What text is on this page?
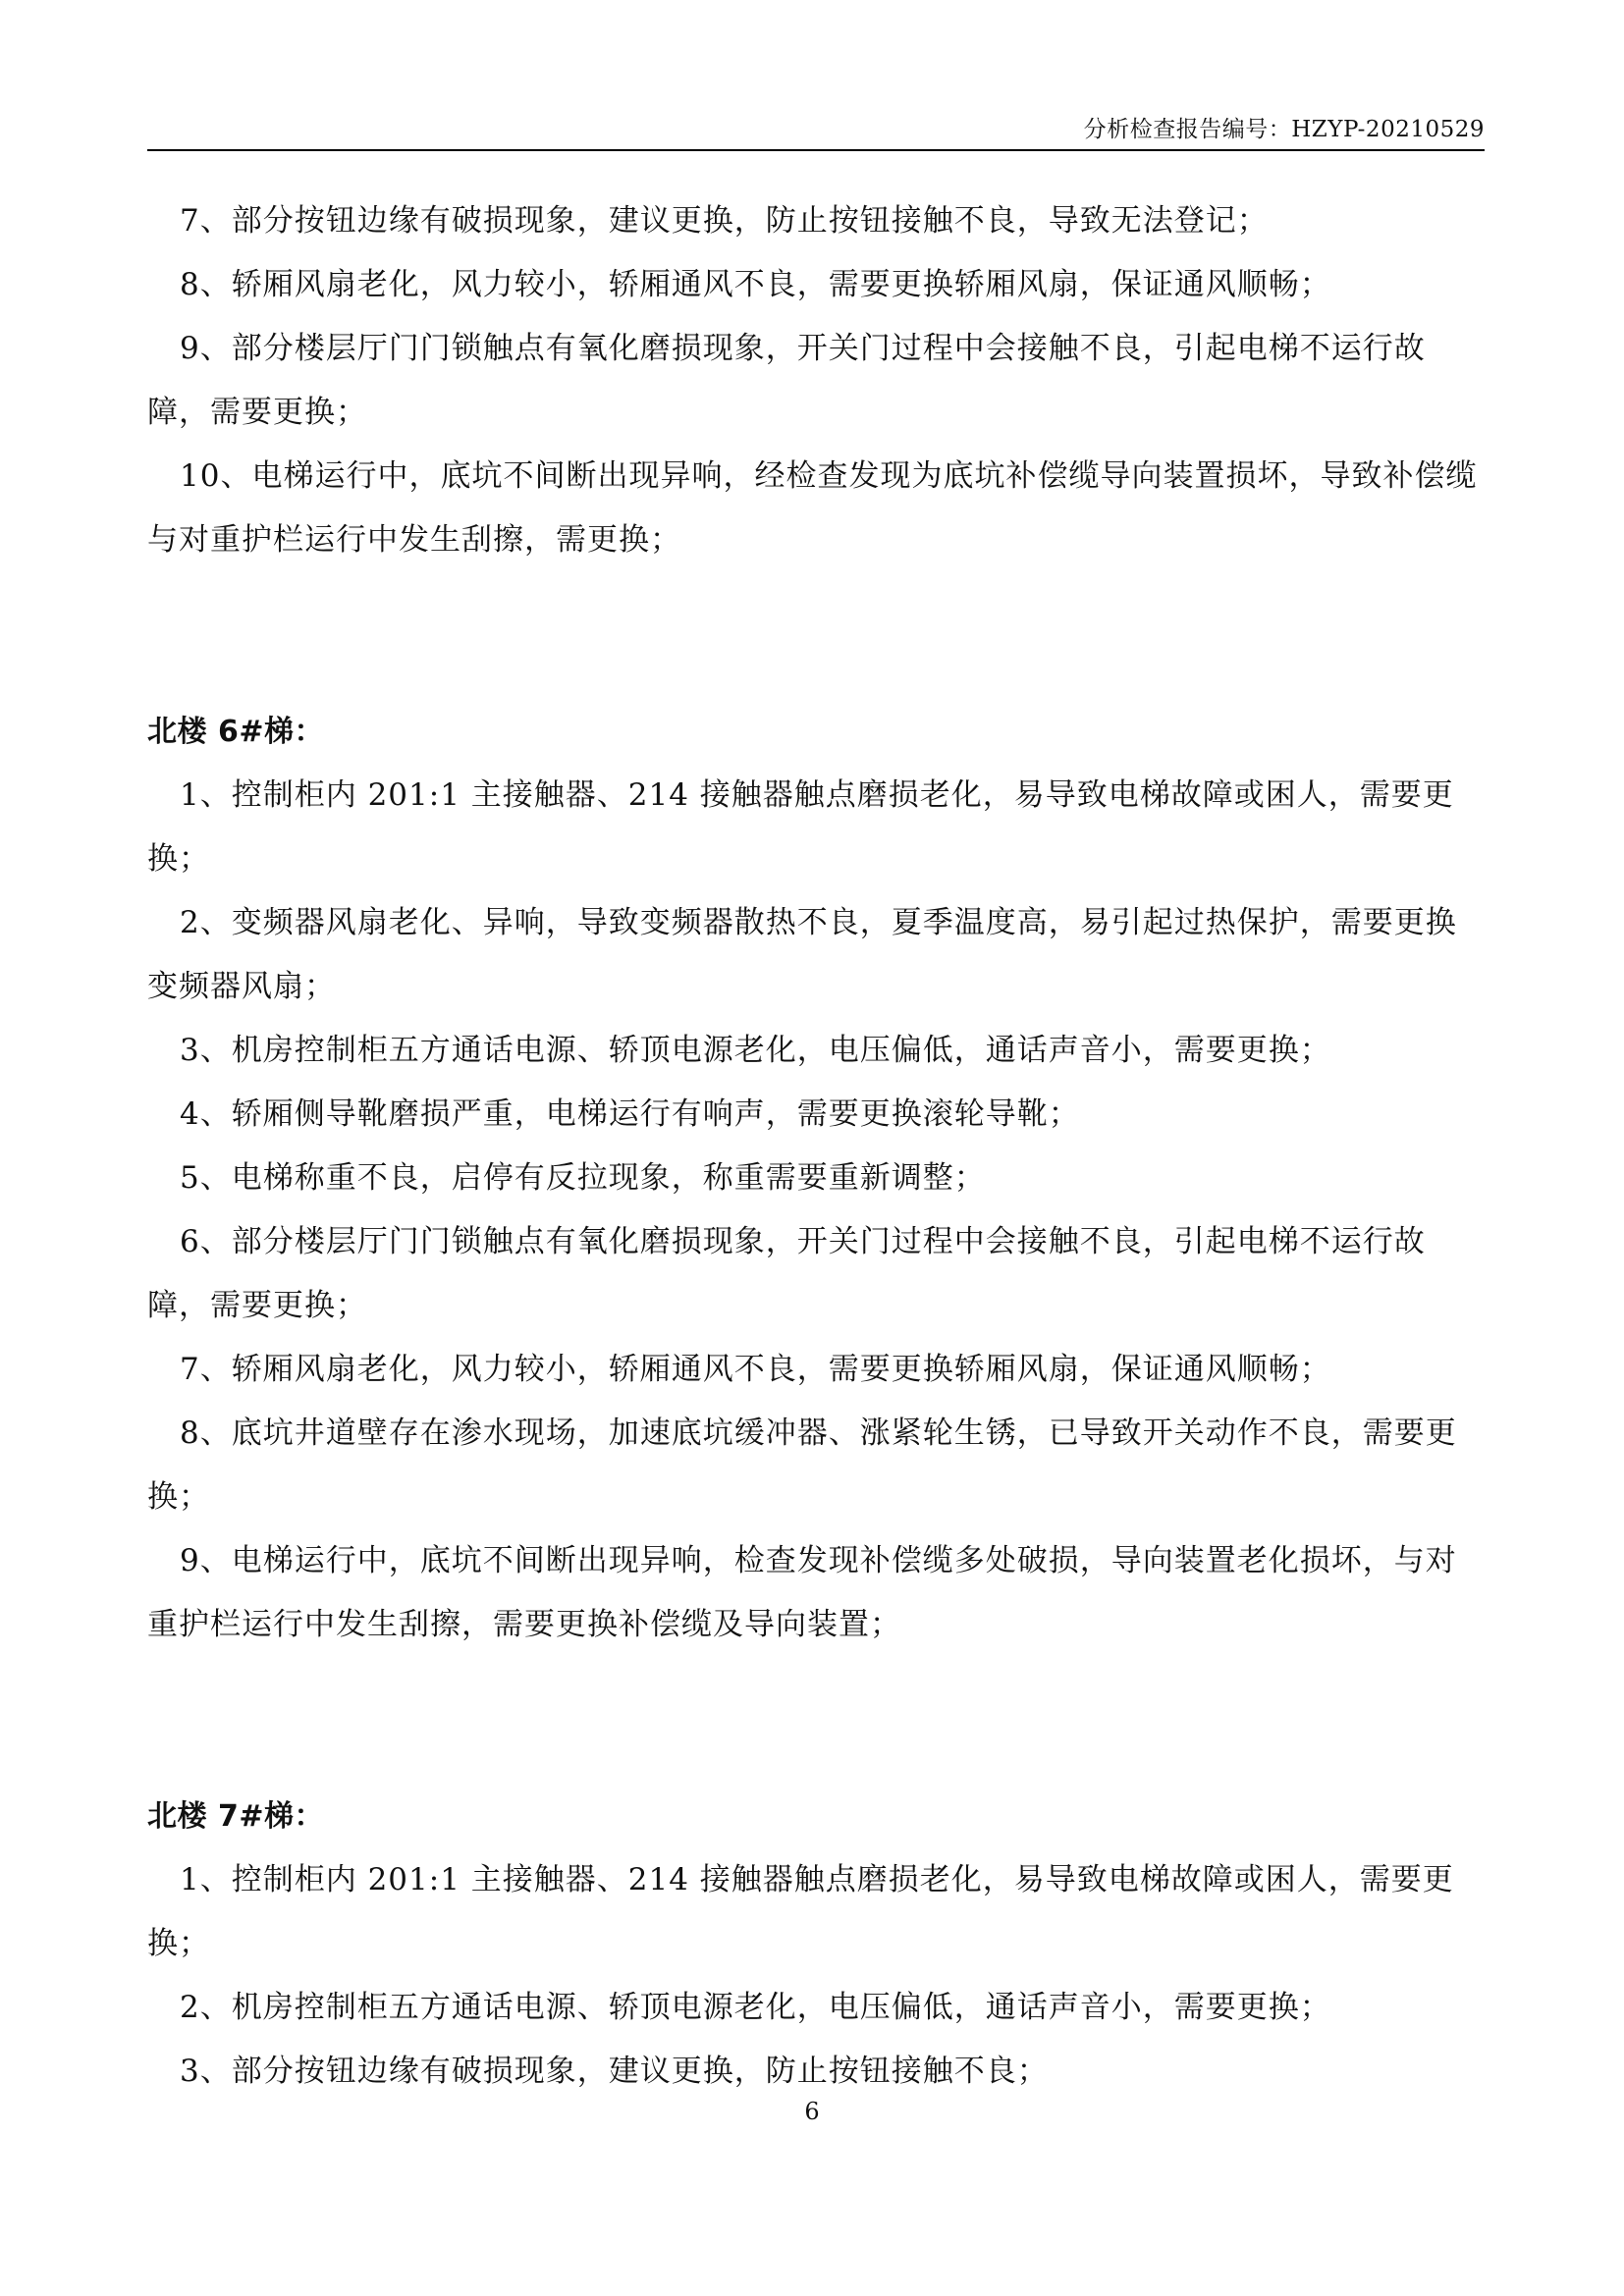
分析检查报告编号：HZYP-20210529

7、部分按钮边缘有破损现象，建议更换，防止按钮接触不良，导致无法登记；

8、轿厢风扇老化，风力较小，轿厢通风不良，需要更换轿厢风扇，保证通风顺畅；

9、部分楼层厅门门锁触点有氧化磨损现象，开关门过程中会接触不良，引起电梯不运行故障，需要更换；

10、电梯运行中，底坑不间断出现异响，经检查发现为底坑补偿缆导向装置损坏，导致补偿缆与对重护栏运行中发生刮擦，需更换；

北楼 6#梯：

1、控制柜内 201:1 主接触器、214 接触器触点磨损老化，易导致电梯故障或困人，需要更换；

2、变频器风扇老化、异响，导致变频器散热不良，夏季温度高，易引起过热保护，需要更换变频器风扇；

3、机房控制柜五方通话电源、轿顶电源老化，电压偏低，通话声音小，需要更换；

4、轿厢侧导靴磨损严重，电梯运行有响声，需要更换滚轮导靴；

5、电梯称重不良，启停有反拉现象，称重需要重新调整；

6、部分楼层厅门门锁触点有氧化磨损现象，开关门过程中会接触不良，引起电梯不运行故障，需要更换；

7、轿厢风扇老化，风力较小，轿厢通风不良，需要更换轿厢风扇，保证通风顺畅；

8、底坑井道壁存在渗水现场，加速底坑缓冲器、涨紧轮生锈，已导致开关动作不良，需要更换；

9、电梯运行中，底坑不间断出现异响，检查发现补偿缆多处破损，导向装置老化损坏，与对重护栏运行中发生刮擦，需要更换补偿缆及导向装置；

北楼 7#梯：

1、控制柜内 201:1 主接触器、214 接触器触点磨损老化，易导致电梯故障或困人，需要更换；

2、机房控制柜五方通话电源、轿顶电源老化，电压偏低，通话声音小，需要更换；

3、部分按钮边缘有破损现象，建议更换，防止按钮接触不良；

6
